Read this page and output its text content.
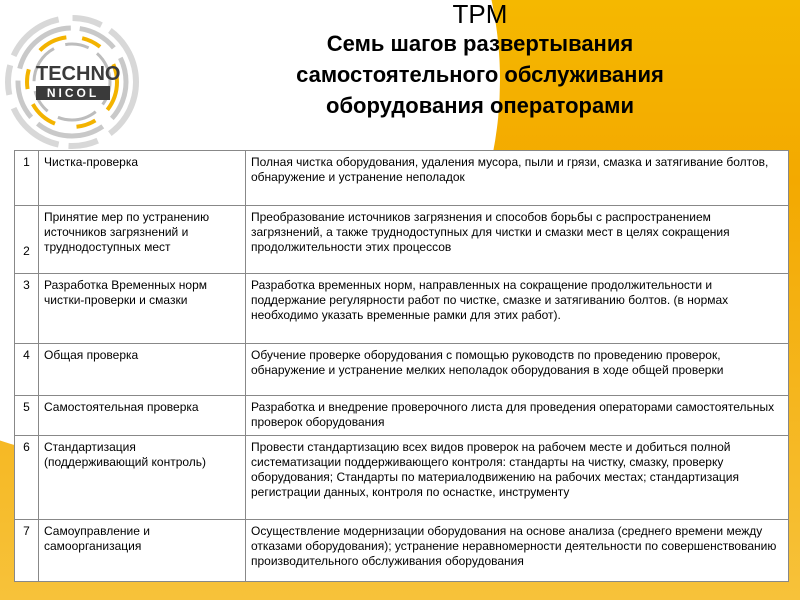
TECHNO
NICOL
TPM
Семь шагов развертывания
самостоятельного обслуживания
оборудования операторами
1	Чистка-проверка	Полная чистка оборудования, удаления мусора, пыли и грязи, смазка и затягивание болтов, обнаружение и устранение неполадок
2	Принятие мер по устранению источников загрязнений и труднодоступных мест	Преобразование источников загрязнения и способов борьбы с распространением загрязнений, а также труднодоступных для чистки и смазки мест в целях сокращения продолжительности этих процессов
3	Разработка Временных норм чистки-проверки и смазки	Разработка временных норм, направленных на сокращение продолжительности и поддержание регулярности работ по чистке, смазке и затягиванию болтов. (в нормах необходимо указать временные рамки для этих работ).
4	Общая проверка	Обучение проверке оборудования с помощью руководств по проведению проверок, обнаружение и устранение мелких неполадок оборудования в ходе общей проверки
5	Самостоятельная проверка	Разработка и внедрение проверочного листа для проведения операторами самостоятельных проверок оборудования
6	Стандартизация (поддерживающий контроль)	Провести стандартизацию всех видов проверок на рабочем месте и добиться полной систематизации поддерживающего контроля: стандарты на чистку, смазку, проверку оборудования; Стандарты по материалодвижению на рабочих местах; стандартизация регистрации данных, контроля по оснастке, инструменту
7	Самоуправление и самоорганизация	Осуществление модернизации оборудования на основе анализа (среднего времени между отказами оборудования); устранение неравномерности деятельности по совершенствованию производительного обслуживания оборудования
